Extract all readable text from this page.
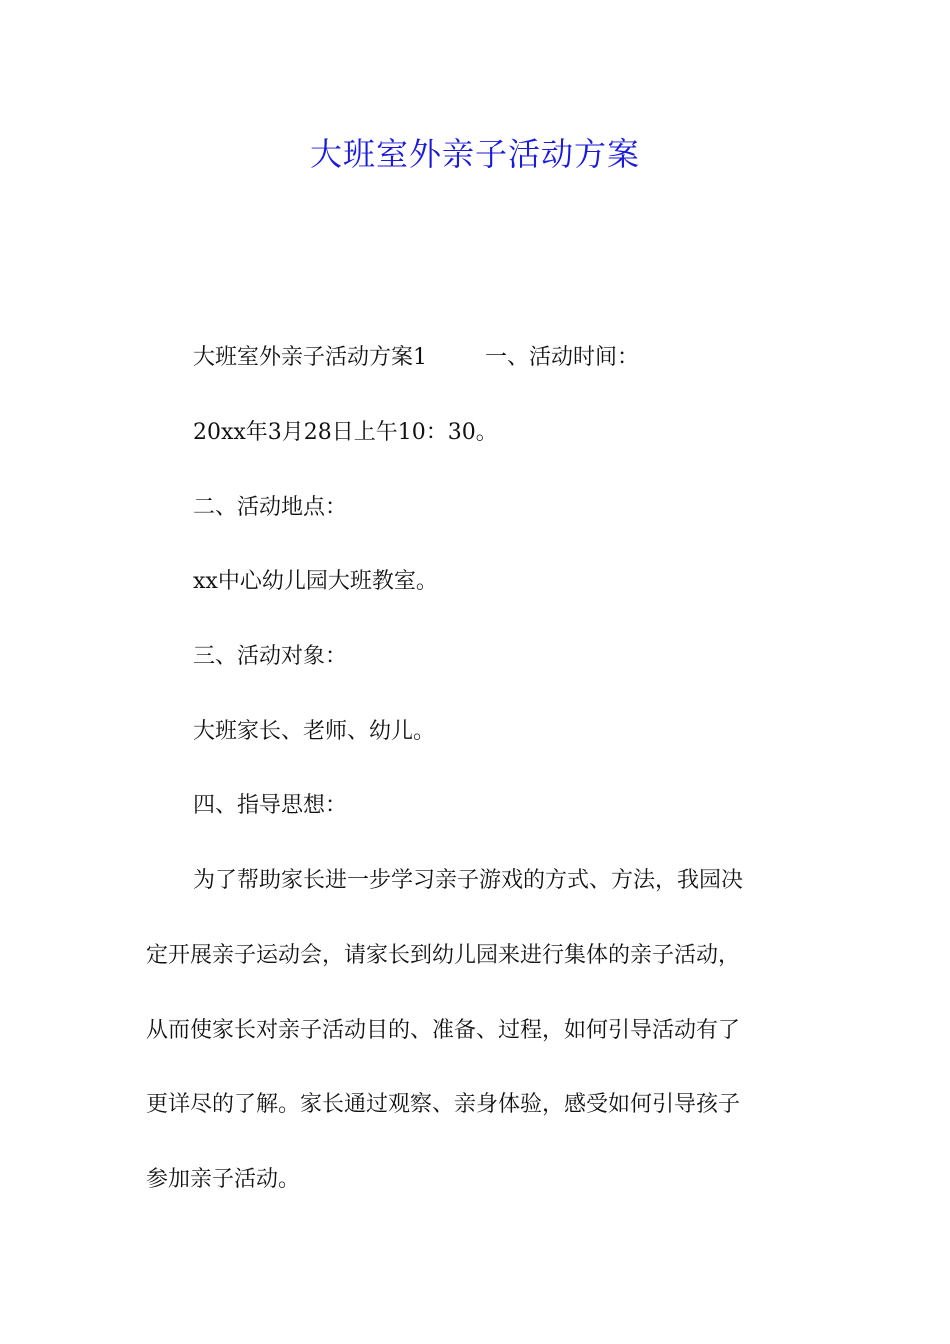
大班室外亲子活动方案
大班室外亲子活动方案1	一、活动时间：
20xx年3月28日上午10：30。
二、活动地点：
xx中心幼儿园大班教室。
三、活动对象：
大班家长、老师、幼儿。
四、指导思想：
为了帮助家长进一步学习亲子游戏的方式、方法，我园决
定开展亲子运动会，请家长到幼儿园来进行集体的亲子活动，
从而使家长对亲子活动目的、准备、过程，如何引导活动有了
更详尽的了解。家长通过观察、亲身体验，感受如何引导孩子
参加亲子活动。
